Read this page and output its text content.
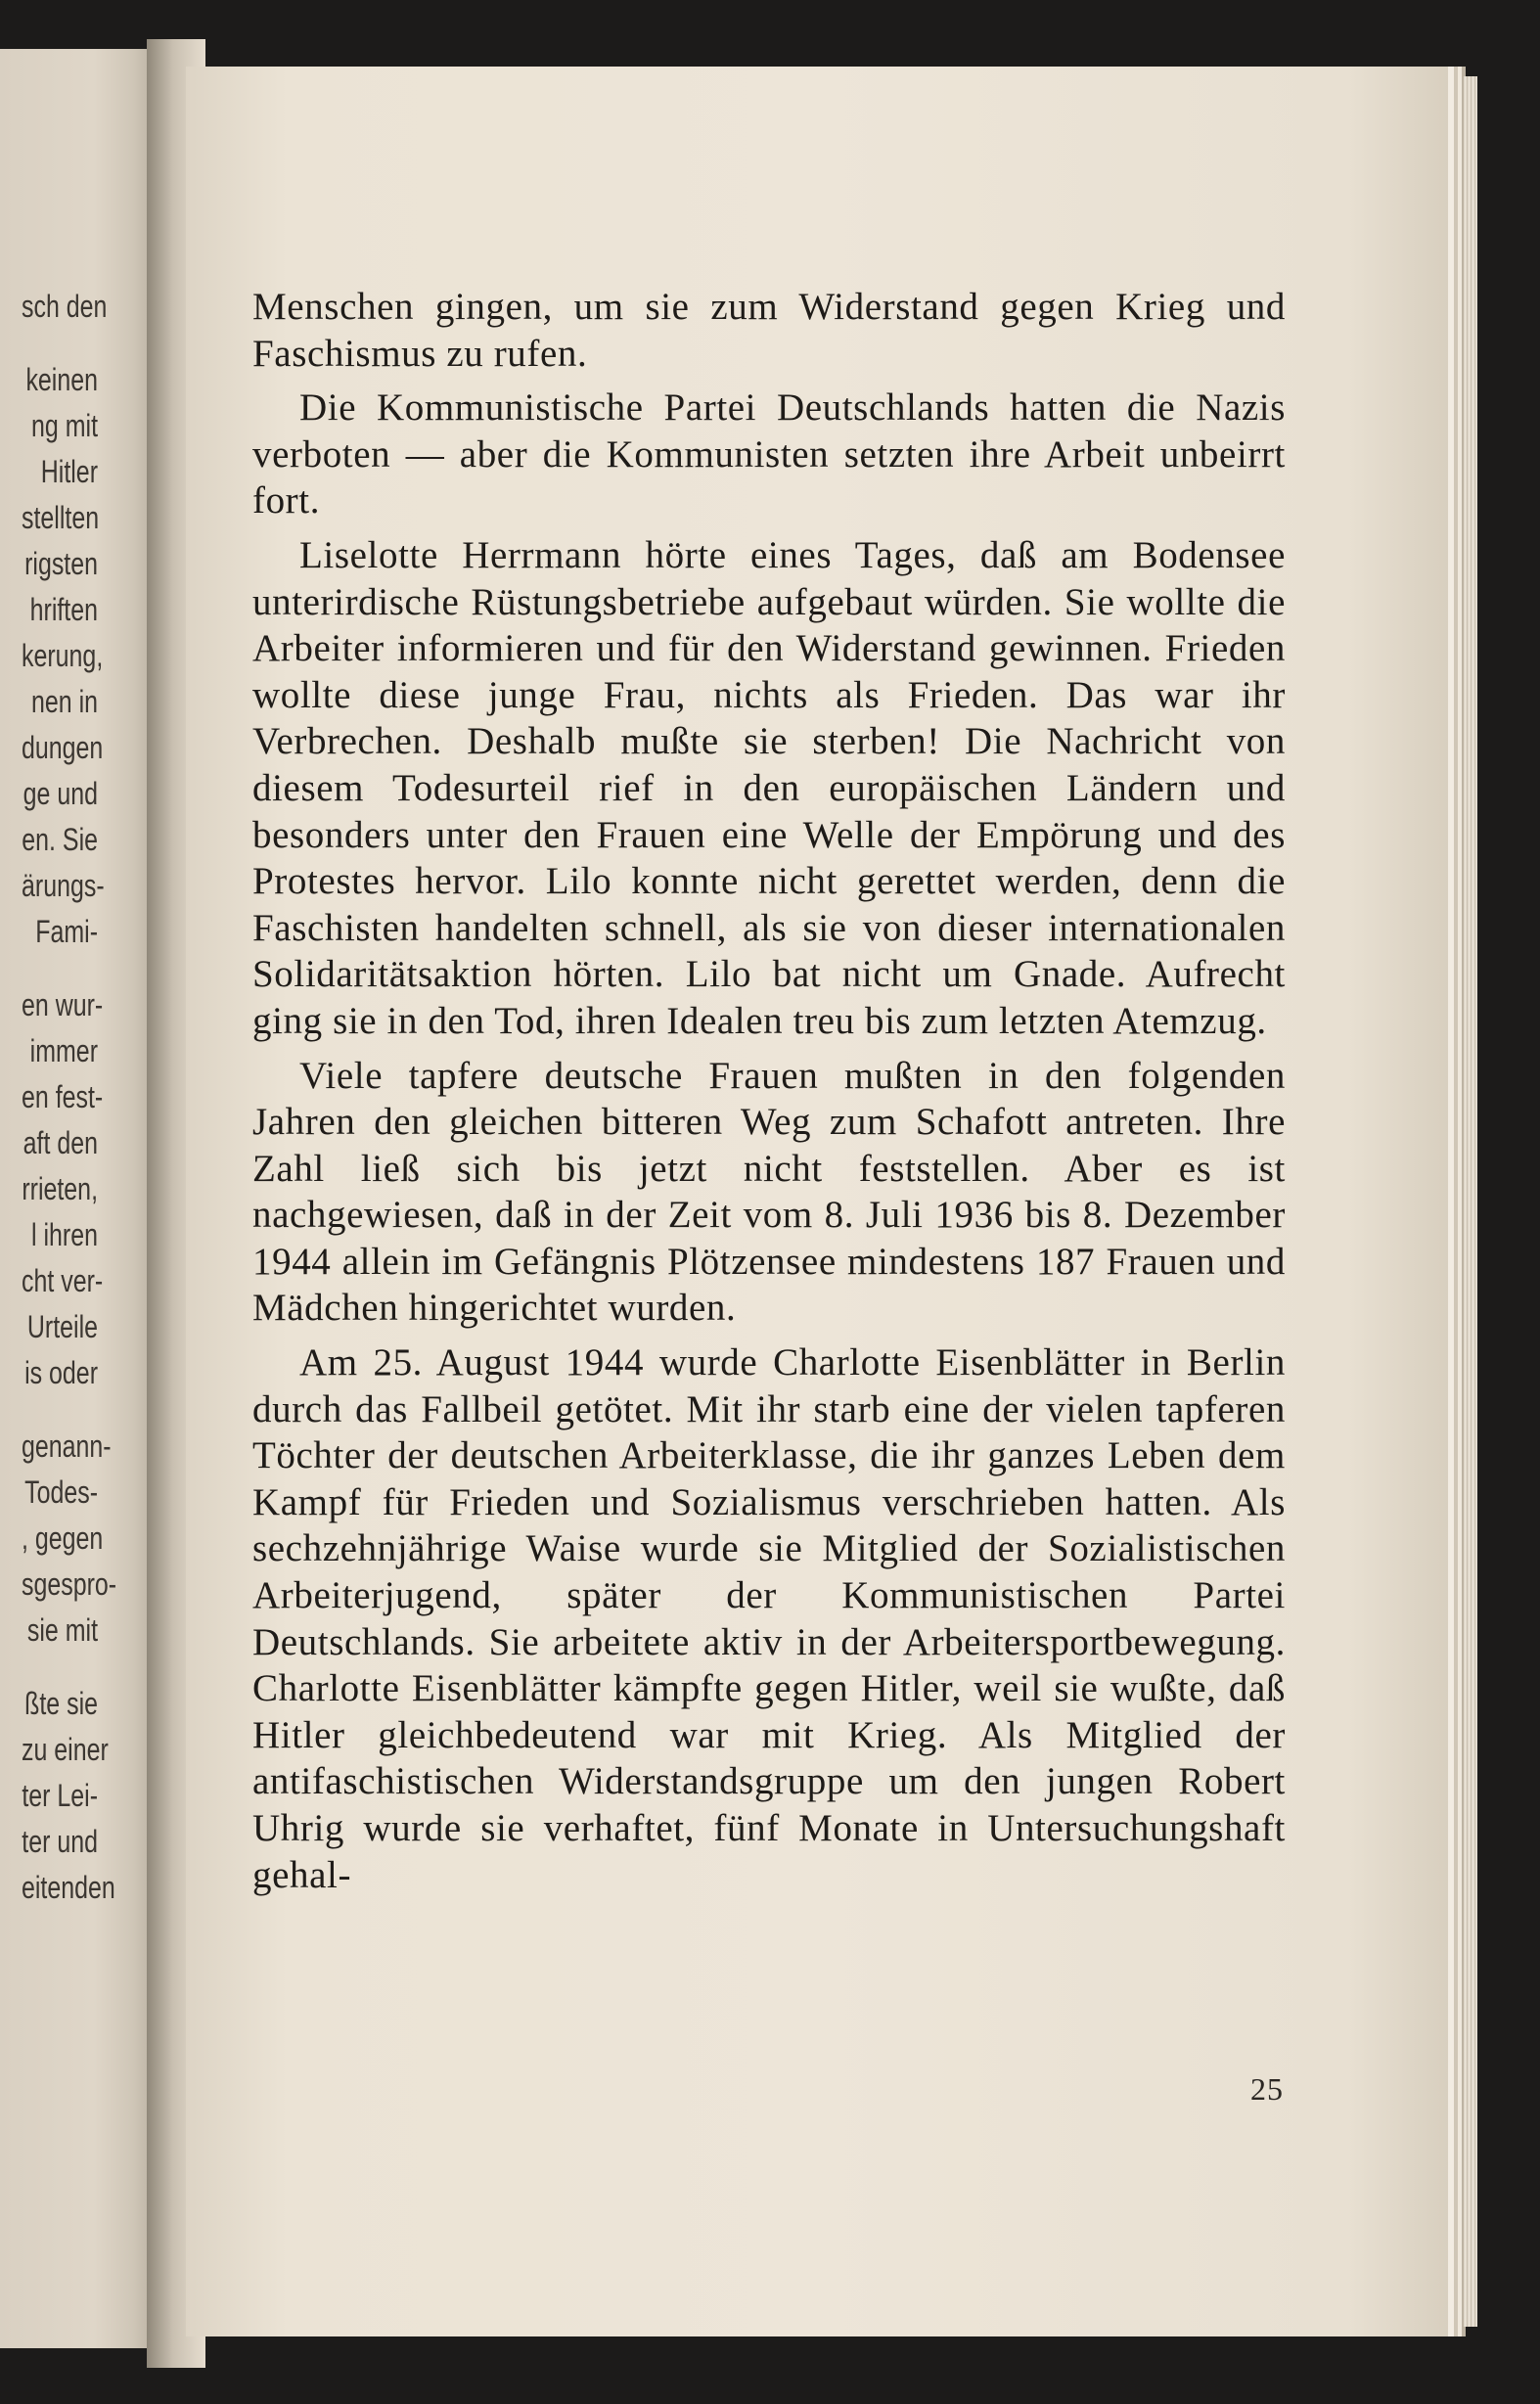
sch den
keinen
ng mit
Hitler
stellten
rigsten
hriften
kerung,
nen in
dungen
ge und
en. Sie
ärungs-
Fami-
en wur-
immer
en fest-
aft den
rrieten,
l ihren
cht ver-
Urteile
is oder
genann-
Todes-
, gegen
sgespro-
sie mit
ßte sie
zu einer
ter Lei-
ter und
eitenden

Menschen gingen, um sie zum Widerstand gegen Krieg und Faschismus zu rufen.

Die Kommunistische Partei Deutschlands hatten die Nazis verboten — aber die Kommunisten setzten ihre Arbeit unbeirrt fort.

Liselotte Herrmann hörte eines Tages, daß am Bodensee unterirdische Rüstungsbetriebe aufgebaut würden. Sie wollte die Arbeiter informieren und für den Widerstand gewinnen. Frieden wollte diese junge Frau, nichts als Frieden. Das war ihr Verbrechen. Deshalb mußte sie sterben! Die Nachricht von diesem Todesurteil rief in den europäischen Ländern und besonders unter den Frauen eine Welle der Empörung und des Protestes hervor. Lilo konnte nicht gerettet werden, denn die Faschisten handelten schnell, als sie von dieser internationalen Solidaritätsaktion hörten. Lilo bat nicht um Gnade. Aufrecht ging sie in den Tod, ihren Idealen treu bis zum letzten Atemzug.

Viele tapfere deutsche Frauen mußten in den folgenden Jahren den gleichen bitteren Weg zum Schafott antreten. Ihre Zahl ließ sich bis jetzt nicht feststellen. Aber es ist nachgewiesen, daß in der Zeit vom 8. Juli 1936 bis 8. Dezember 1944 allein im Gefängnis Plötzensee mindestens 187 Frauen und Mädchen hingerichtet wurden.

Am 25. August 1944 wurde Charlotte Eisenblätter in Berlin durch das Fallbeil getötet. Mit ihr starb eine der vielen tapferen Töchter der deutschen Arbeiterklasse, die ihr ganzes Leben dem Kampf für Frieden und Sozialismus verschrieben hatten. Als sechzehnjährige Waise wurde sie Mitglied der Sozialistischen Arbeiterjugend, später der Kommunistischen Partei Deutschlands. Sie arbeitete aktiv in der Arbeitersportbewegung. Charlotte Eisenblätter kämpfte gegen Hitler, weil sie wußte, daß Hitler gleichbedeutend war mit Krieg. Als Mitglied der antifaschistischen Widerstandsgruppe um den jungen Robert Uhrig wurde sie verhaftet, fünf Monate in Untersuchungshaft gehal-

25
